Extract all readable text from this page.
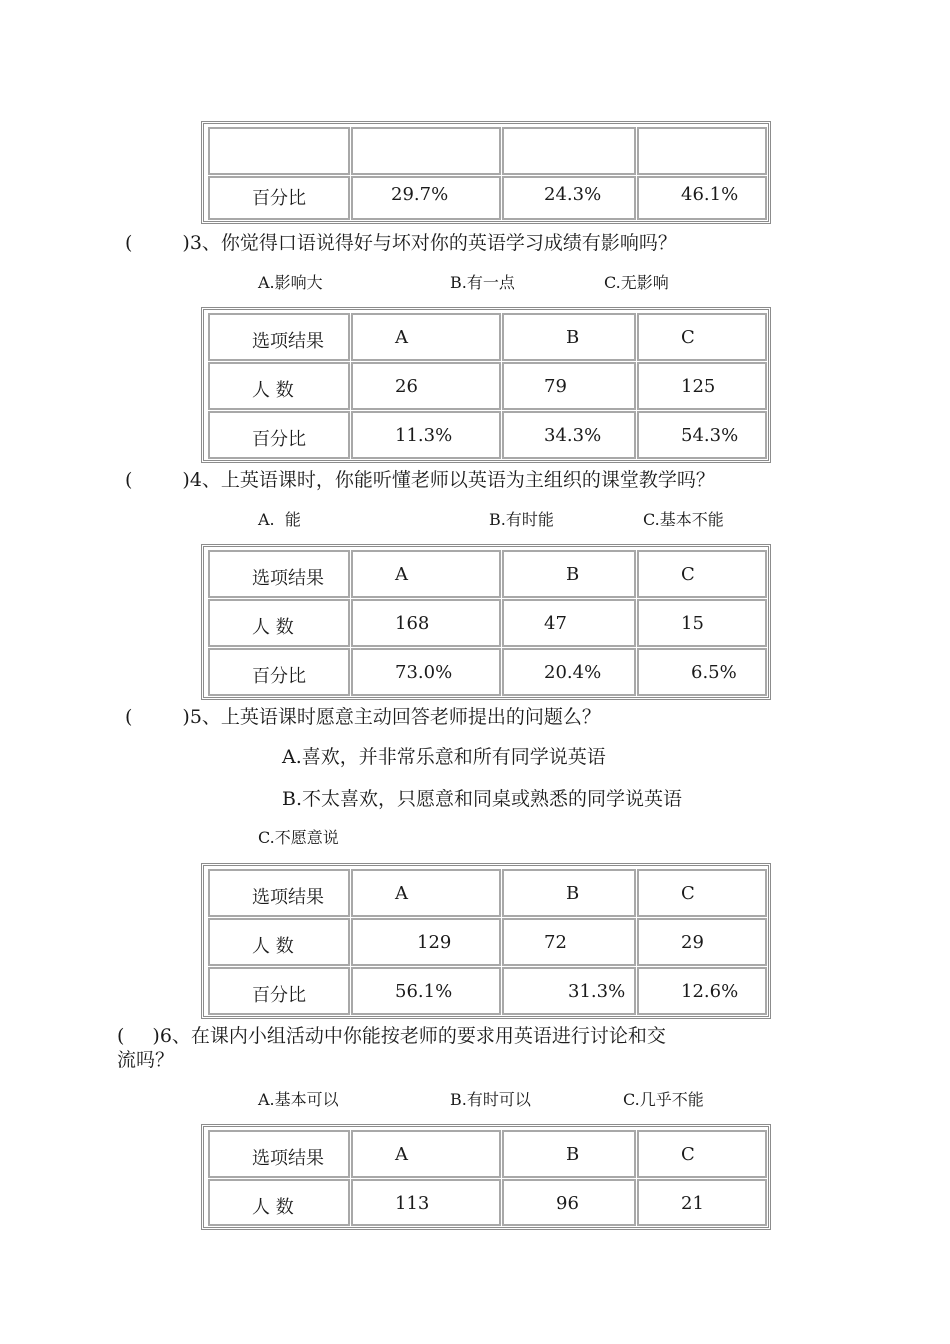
百分比	29.7%	24.3%	46.1%
(	)3、你觉得口语说得好与坏对你的英语学习成绩有影响吗？
A.影响大	B.有一点	C.无影响
选项结果	A	B	C
人 数	26	79	125
百分比	11.3%	34.3%	54.3%
(	)4、上英语课时，你能听懂老师以英语为主组织的课堂教学吗？
A.  能	B.有时能	C.基本不能
选项结果	A	B	C
人 数	168	47	15
百分比	73.0%	20.4%	6.5%
(	)5、上英语课时愿意主动回答老师提出的问题么？
A.喜欢，并非常乐意和所有同学说英语
B.不太喜欢，只愿意和同桌或熟悉的同学说英语
C.不愿意说
选项结果	A	B	C
人 数	129	72	29
百分比	56.1%	31.3%	12.6%
( )6、在课内小组活动中你能按老师的要求用英语进行讨论和交
流吗？
A.基本可以	B.有时可以	C.几乎不能
选项结果	A	B	C
人 数	113	96	21
